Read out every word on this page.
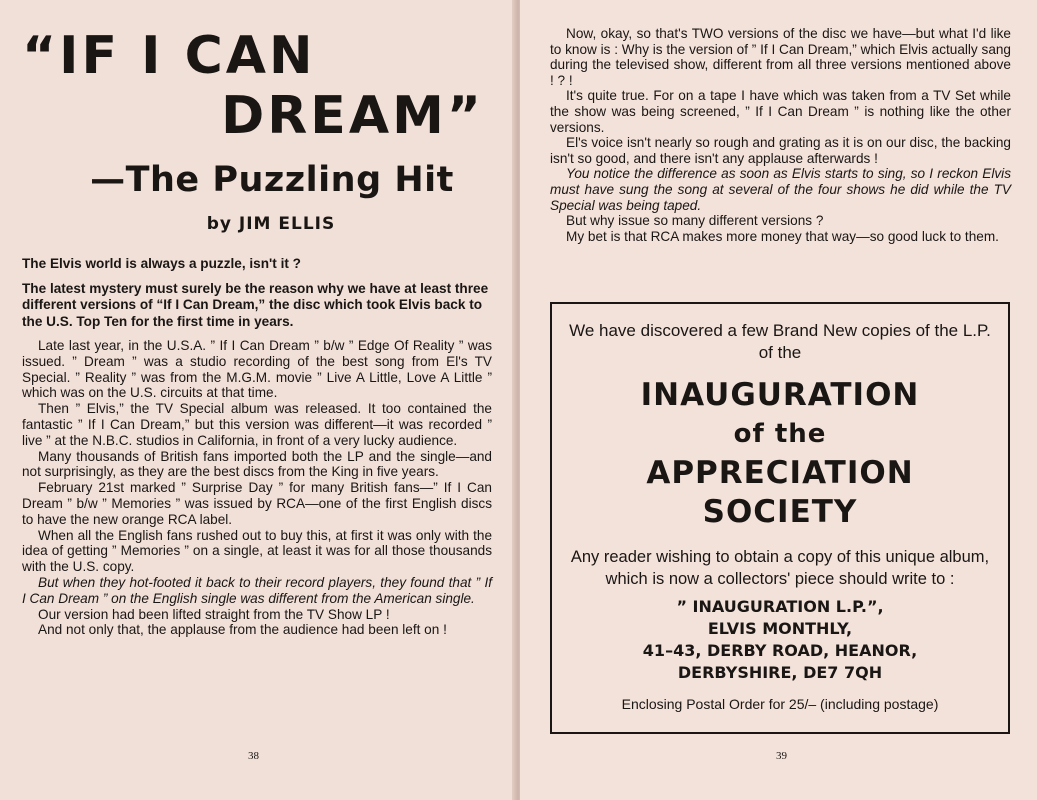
“IF I CAN
DREAM”
—The Puzzling Hit
by JIM ELLIS

The Elvis world is always a puzzle, isn't it ?

The latest mystery must surely be the reason why we have at least three different versions of “If I Can Dream,” the disc which took Elvis back to the U.S. Top Ten for the first time in years.

Late last year, in the U.S.A. ” If I Can Dream ” b/w ” Edge Of Reality ” was issued. ” Dream ” was a studio recording of the best song from El's TV Special. ” Reality ” was from the M.G.M. movie ” Live A Little, Love A Little ” which was on the U.S. circuits at that time.

Then ” Elvis,” the TV Special album was released. It too contained the fantastic ” If I Can Dream,” but this version was different—it was recorded ” live ” at the N.B.C. studios in California, in front of a very lucky audience.

Many thousands of British fans imported both the LP and the single—and not surprisingly, as they are the best discs from the King in five years.

February 21st marked ” Surprise Day ” for many British fans—” If I Can Dream ” b/w ” Memories ” was issued by RCA—one of the first English discs to have the new orange RCA label.

When all the English fans rushed out to buy this, at first it was only with the idea of getting ” Memories ” on a single, at least it was for all those thousands with the U.S. copy.

But when they hot-footed it back to their record players, they found that ” If I Can Dream ” on the English single was different from the American single.

Our version had been lifted straight from the TV Show LP !

And not only that, the applause from the audience had been left on !

38

Now, okay, so that's TWO versions of the disc we have—but what I'd like to know is : Why is the version of ” If I Can Dream,” which Elvis actually sang during the televised show, different from all three versions mentioned above ! ? !

It's quite true. For on a tape I have which was taken from a TV Set while the show was being screened, ” If I Can Dream ” is nothing like the other versions.

El's voice isn't nearly so rough and grating as it is on our disc, the backing isn't so good, and there isn't any applause afterwards !

You notice the difference as soon as Elvis starts to sing, so I reckon Elvis must have sung the song at several of the four shows he did while the TV Special was being taped.

But why issue so many different versions ?

My bet is that RCA makes more money that way—so good luck to them.

We have discovered a few Brand New copies of the L.P. of the

INAUGURATION

of the

APPRECIATION

SOCIETY

Any reader wishing to obtain a copy of this unique album, which is now a collectors' piece should write to :

” INAUGURATION L.P.”,

ELVIS MONTHLY,

41–43, DERBY ROAD, HEANOR,

DERBYSHIRE, DE7 7QH

Enclosing Postal Order for 25/– (including postage)
39
